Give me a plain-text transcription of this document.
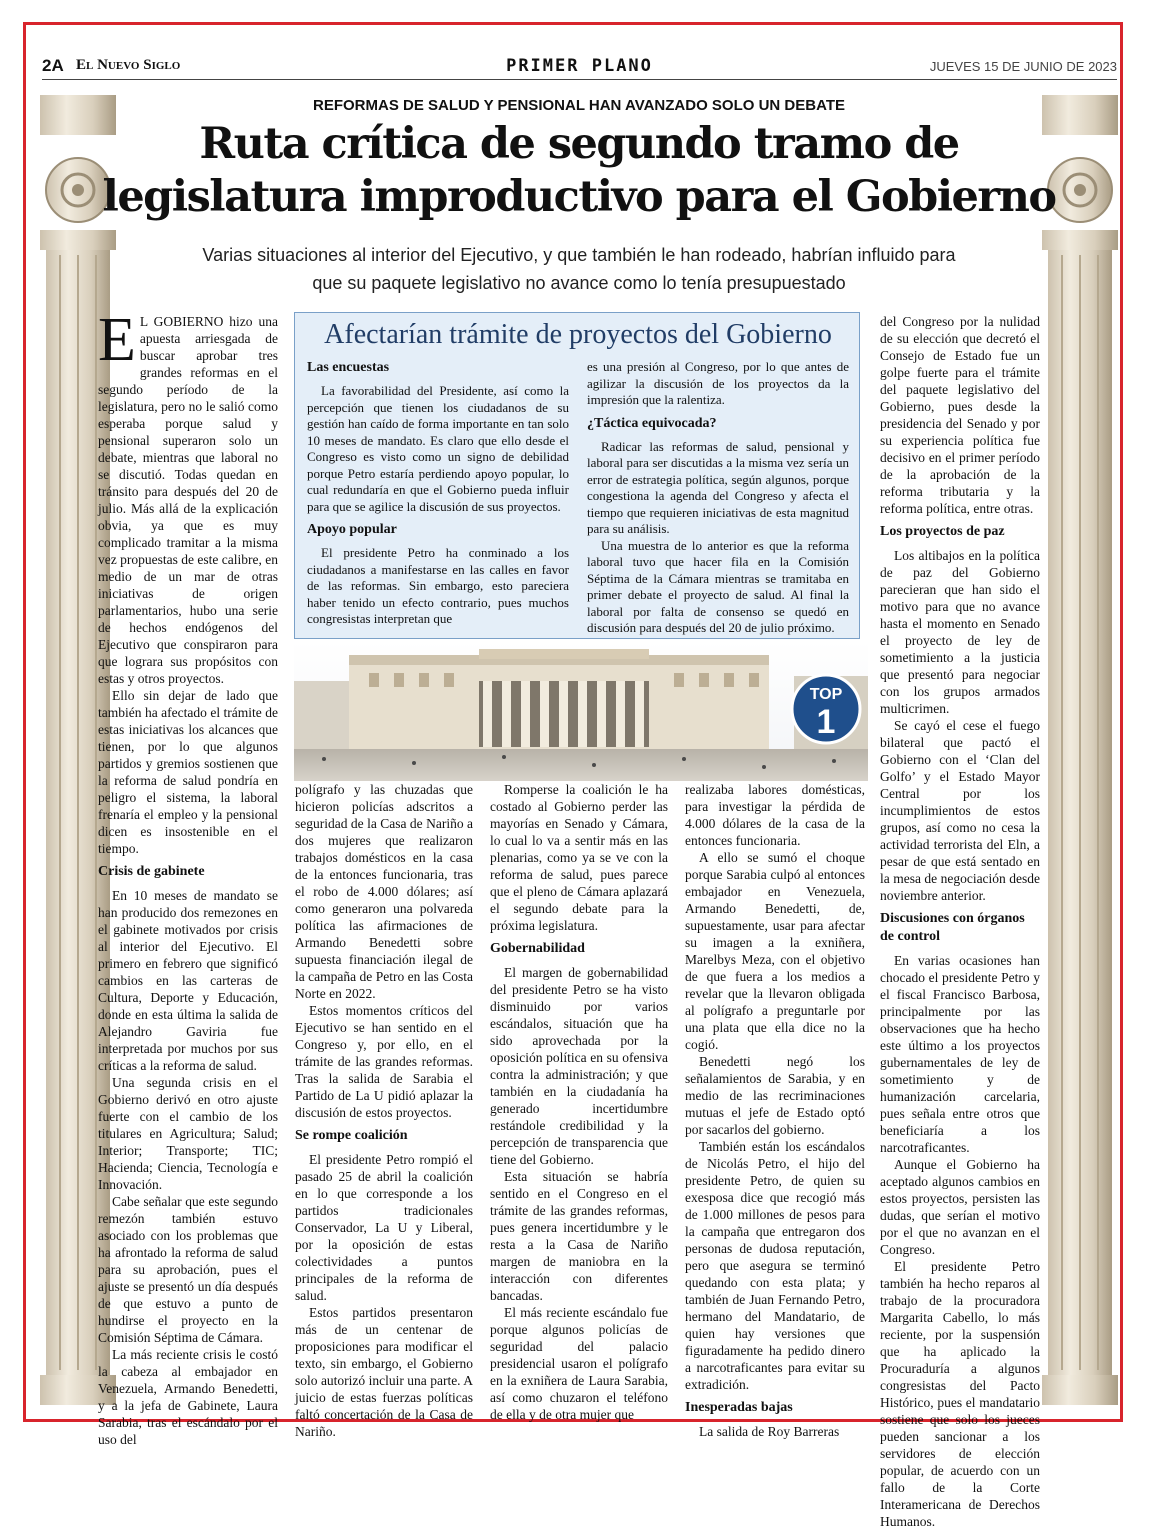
2A El Nuevo Siglo	PRIMER PLANO	JUEVES 15 DE JUNIO DE 2023
REFORMAS DE SALUD Y PENSIONAL HAN AVANZADO SOLO UN DEBATE
Ruta crítica de segundo tramo de
legislatura improductivo para el Gobierno
Varias situaciones al interior del Ejecutivo, y que también le han rodeado, habrían influido para
que su paquete legislativo no avance como lo tenía presupuestado

E L GOBIERNO hizo una apuesta arriesgada de buscar aprobar tres grandes reformas en el segundo período de la legislatura, pero no le salió como esperaba porque salud y pensional superaron solo un debate, mientras que laboral no se discutió. Todas quedan en tránsito para después del 20 de julio. Más allá de la explicación obvia, ya que es muy complicado tramitar a la misma vez propuestas de este calibre, en medio de un mar de otras iniciativas de origen parlamentarios, hubo una serie de hechos endógenos del Ejecutivo que conspiraron para que lograra sus propósitos con estas y otros proyectos.

Ello sin dejar de lado que también ha afectado el trámite de estas iniciativas los alcances que tienen, por lo que algunos partidos y gremios sostienen que la reforma de salud pondría en peligro el sistema, la laboral frenaría el empleo y la pensional dicen es insostenible en el tiempo.

Crisis de gabinete

En 10 meses de mandato se han producido dos remezones en el gabinete motivados por crisis al interior del Ejecutivo. El primero en febrero que significó cambios en las carteras de Cultura, Deporte y Educación, donde en esta última la salida de Alejandro Gaviria fue interpretada por muchos por sus críticas a la reforma de salud.

Una segunda crisis en el Gobierno derivó en otro ajuste fuerte con el cambio de los titulares en Agricultura; Salud; Interior; Transporte; TIC; Hacienda; Ciencia, Tecnología e Innovación.

Cabe señalar que este segundo remezón también estuvo asociado con los problemas que ha afrontado la reforma de salud para su aprobación, pues el ajuste se presentó un día después de que estuvo a punto de hundirse el proyecto en la Comisión Séptima de Cámara.

La más reciente crisis le costó la cabeza al embajador en Venezuela, Armando Benedetti, y a la jefa de Gabinete, Laura Sarabia, tras el escándalo por el uso del

Afectarían trámite de proyectos del Gobierno
Las encuestas

La favorabilidad del Presidente, así como la percepción que tienen los ciudadanos de su gestión han caído de forma importante en tan solo 10 meses de mandato. Es claro que ello desde el Congreso es visto como un signo de debilidad porque Petro estaría perdiendo apoyo popular, lo cual redundaría en que el Gobierno pueda influir para que se agilice la discusión de sus proyectos.

Apoyo popular

El presidente Petro ha conminado a los ciudadanos a manifestarse en las calles en favor de las reformas. Sin embargo, esto pareciera haber tenido un efecto contrario, pues muchos congresistas interpretan que

es una presión al Congreso, por lo que antes de agilizar la discusión de los proyectos da la impresión que la ralentiza.

¿Táctica equivocada?

Radicar las reformas de salud, pensional y laboral para ser discutidas a la misma vez sería un error de estrategia política, según algunos, porque congestiona la agenda del Congreso y afecta el tiempo que requieren iniciativas de esta magnitud para su análisis.

Una muestra de lo anterior es que la reforma laboral tuvo que hacer fila en la Comisión Séptima de la Cámara mientras se tramitaba en primer debate el proyecto de salud. Al final la laboral por falta de consenso se quedó en discusión para después del 20 de julio próximo.

TOP
1

polígrafo y las chuzadas que hicieron policías adscritos a seguridad de la Casa de Nariño a dos mujeres que realizaron trabajos domésticos en la casa de la entonces funcionaria, tras el robo de 4.000 dólares; así como generaron una polvareda política las afirmaciones de Armando Benedetti sobre supuesta financiación ilegal de la campaña de Petro en las Costa Norte en 2022.

Estos momentos críticos del Ejecutivo se han sentido en el Congreso y, por ello, en el trámite de las grandes reformas. Tras la salida de Sarabia el Partido de La U pidió aplazar la discusión de estos proyectos.

Se rompe coalición

El presidente Petro rompió el pasado 25 de abril la coalición en lo que corresponde a los partidos tradicionales Conservador, La U y Liberal, por la oposición de estas colectividades a puntos principales de la reforma de salud.

Estos partidos presentaron más de un centenar de proposiciones para modificar el texto, sin embargo, el Gobierno solo autorizó incluir una parte. A juicio de estas fuerzas políticas faltó concertación de la Casa de Nariño.

Romperse la coalición le ha costado al Gobierno perder las mayorías en Senado y Cámara, lo cual lo va a sentir más en las plenarias, como ya se ve con la reforma de salud, pues parece que el pleno de Cámara aplazará el segundo debate para la próxima legislatura.

Gobernabilidad

El margen de gobernabilidad del presidente Petro se ha visto disminuido por varios escándalos, situación que ha sido aprovechada por la oposición política en su ofensiva contra la administración; y que también en la ciudadanía ha generado incertidumbre restándole credibilidad y la percepción de transparencia que tiene del Gobierno.

Esta situación se habría sentido en el Congreso en el trámite de las grandes reformas, pues genera incertidumbre y le resta a la Casa de Nariño margen de maniobra en la interacción con diferentes bancadas.

El más reciente escándalo fue porque algunos policías de seguridad del palacio presidencial usaron el polígrafo en la exniñera de Laura Sarabia, así como chuzaron el teléfono de ella y de otra mujer que

realizaba labores domésticas, para investigar la pérdida de 4.000 dólares de la casa de la entonces funcionaria.

A ello se sumó el choque porque Sarabia culpó al entonces embajador en Venezuela, Armando Benedetti, de, supuestamente, usar para afectar su imagen a la exniñera, Marelbys Meza, con el objetivo de que fuera a los medios a revelar que la llevaron obligada al polígrafo a preguntarle por una plata que ella dice no la cogió.

Benedetti negó los señalamientos de Sarabia, y en medio de las recriminaciones mutuas el jefe de Estado optó por sacarlos del gobierno.

También están los escándalos de Nicolás Petro, el hijo del presidente Petro, de quien su exesposa dice que recogió más de 1.000 millones de pesos para la campaña que entregaron dos personas de dudosa reputación, pero que asegura se terminó quedando con esta plata; y también de Juan Fernando Petro, hermano del Mandatario, de quien hay versiones que figuradamente ha pedido dinero a narcotraficantes para evitar su extradición.

Inesperadas bajas

La salida de Roy Barreras

del Congreso por la nulidad de su elección que decretó el Consejo de Estado fue un golpe fuerte para el trámite del paquete legislativo del Gobierno, pues desde la presidencia del Senado y por su experiencia política fue decisivo en el primer período de la aprobación de la reforma tributaria y la reforma política, entre otras.

Los proyectos de paz

Los altibajos en la política de paz del Gobierno parecieran que han sido el motivo para que no avance hasta el momento en Senado el proyecto de ley de sometimiento a la justicia que presentó para negociar con los grupos armados multicrimen.

Se cayó el cese el fuego bilateral que pactó el Gobierno con el ‘Clan del Golfo’ y el Estado Mayor Central por los incumplimientos de estos grupos, así como no cesa la actividad terrorista del Eln, a pesar de que está sentado en la mesa de negociación desde noviembre anterior.

Discusiones con órganos de control

En varias ocasiones han chocado el presidente Petro y el fiscal Francisco Barbosa, principalmente por las observaciones que ha hecho este último a los proyectos gubernamentales de ley de sometimiento y de humanización carcelaria, pues señala entre otros que beneficiaría a los narcotraficantes.

Aunque el Gobierno ha aceptado algunos cambios en estos proyectos, persisten las dudas, que serían el motivo por el que no avanzan en el Congreso.

El presidente Petro también ha hecho reparos al trabajo de la procuradora Margarita Cabello, lo más reciente, por la suspensión que ha aplicado la Procuraduría a algunos congresistas del Pacto Histórico, pues el mandatario sostiene que solo los jueces pueden sancionar a los servidores de elección popular, de acuerdo con un fallo de la Corte Interamericana de Derechos Humanos.
